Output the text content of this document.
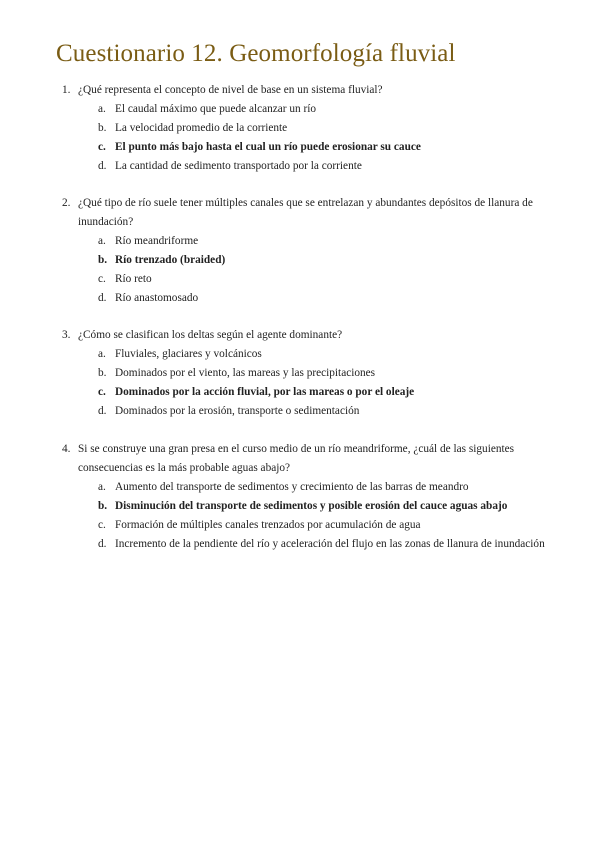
Cuestionario 12. Geomorfología fluvial
1. ¿Qué representa el concepto de nivel de base en un sistema fluvial?
a. El caudal máximo que puede alcanzar un río
b. La velocidad promedio de la corriente
c. El punto más bajo hasta el cual un río puede erosionar su cauce
d. La cantidad de sedimento transportado por la corriente
2. ¿Qué tipo de río suele tener múltiples canales que se entrelazan y abundantes depósitos de llanura de inundación?
a. Río meandriforme
b. Río trenzado (braided)
c. Río reto
d. Río anastomosado
3. ¿Cómo se clasifican los deltas según el agente dominante?
a. Fluviales, glaciares y volcánicos
b. Dominados por el viento, las mareas y las precipitaciones
c. Dominados por la acción fluvial, por las mareas o por el oleaje
d. Dominados por la erosión, transporte o sedimentación
4. Si se construye una gran presa en el curso medio de un río meandriforme, ¿cuál de las siguientes consecuencias es la más probable aguas abajo?
a. Aumento del transporte de sedimentos y crecimiento de las barras de meandro
b. Disminución del transporte de sedimentos y posible erosión del cauce aguas abajo
c. Formación de múltiples canales trenzados por acumulación de agua
d. Incremento de la pendiente del río y aceleración del flujo en las zonas de llanura de inundación
